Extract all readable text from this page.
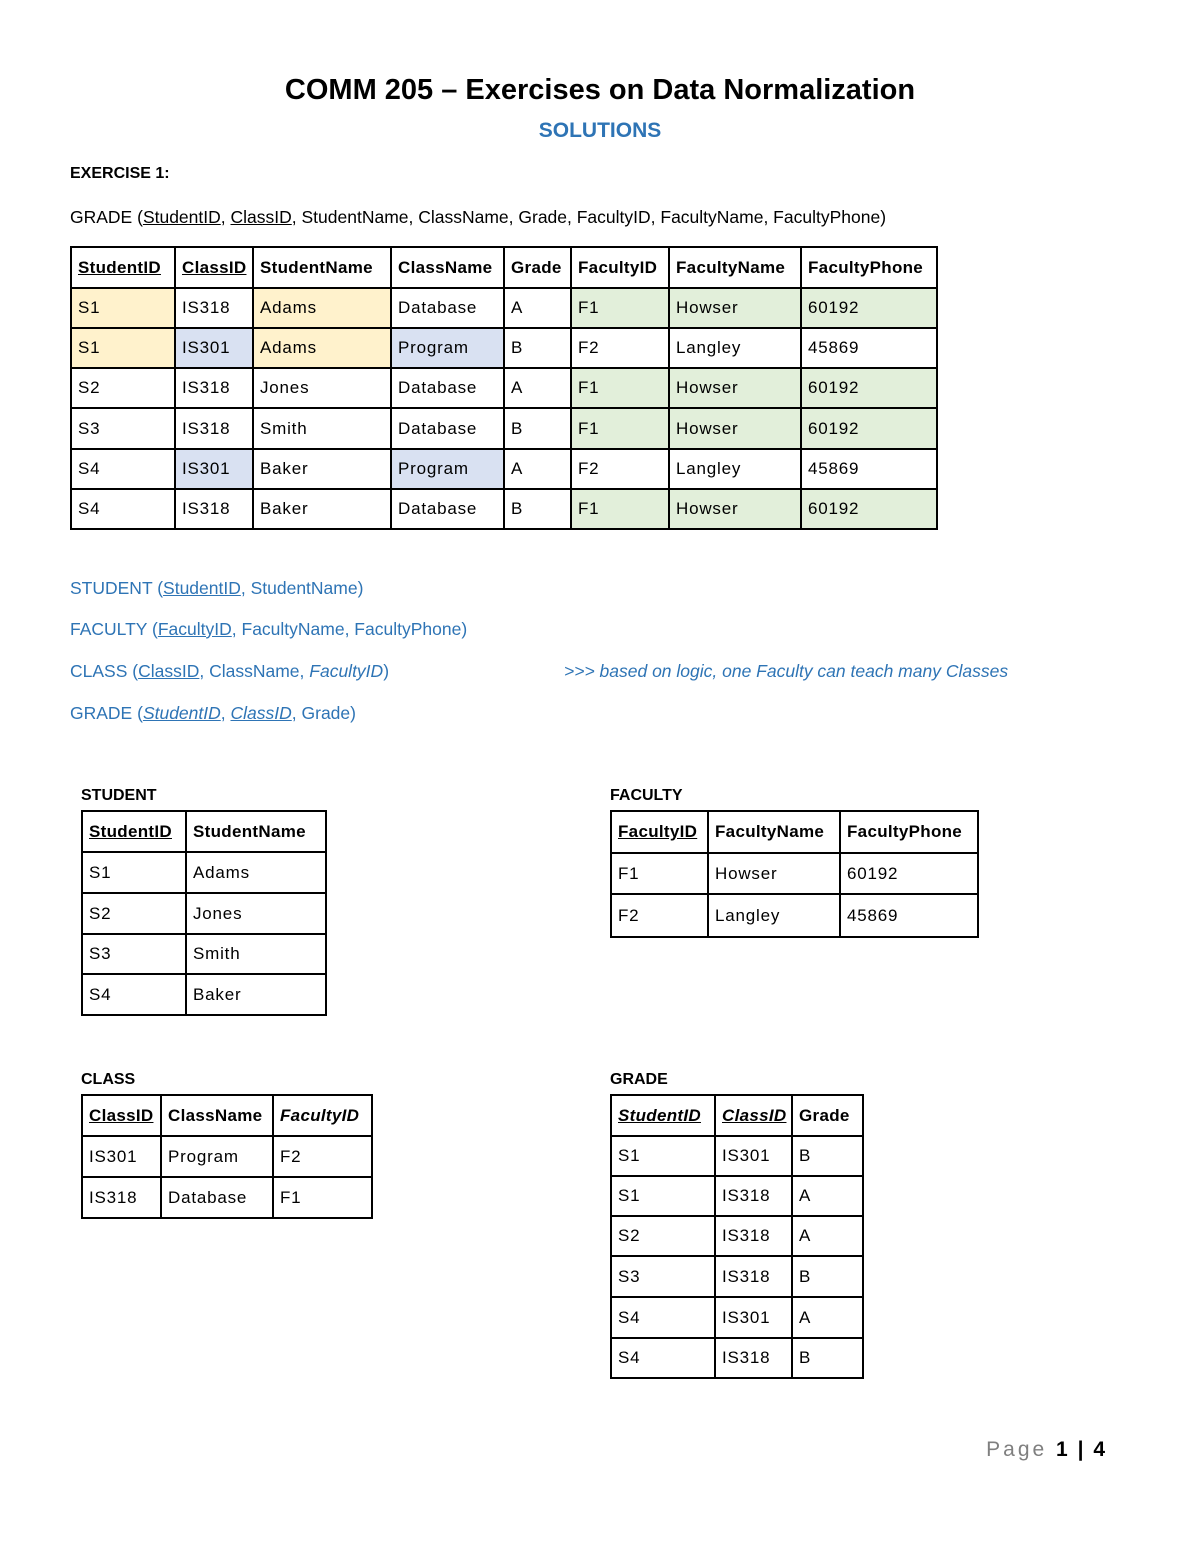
COMM 205 – Exercises on Data Normalization
SOLUTIONS
EXERCISE 1:
GRADE (StudentID, ClassID, StudentName, ClassName, Grade, FacultyID, FacultyName, FacultyPhone)
StudentID	ClassID	StudentName	ClassName	Grade	FacultyID	FacultyName	FacultyPhone
S1	IS318	Adams	Database	A	F1	Howser	60192
S1	IS301	Adams	Program	B	F2	Langley	45869
S2	IS318	Jones	Database	A	F1	Howser	60192
S3	IS318	Smith	Database	B	F1	Howser	60192
S4	IS301	Baker	Program	A	F2	Langley	45869
S4	IS318	Baker	Database	B	F1	Howser	60192
STUDENT (StudentID, StudentName)
FACULTY (FacultyID, FacultyName, FacultyPhone)
CLASS (ClassID, ClassName, FacultyID)	>>> based on logic, one Faculty can teach many Classes
GRADE (StudentID, ClassID, Grade)
STUDENT
StudentID	StudentName
S1	Adams
S2	Jones
S3	Smith
S4	Baker
FACULTY
FacultyID	FacultyName	FacultyPhone
F1	Howser	60192
F2	Langley	45869
CLASS
ClassID	ClassName	FacultyID
IS301	Program	F2
IS318	Database	F1
GRADE
StudentID	ClassID	Grade
S1	IS301	B
S1	IS318	A
S2	IS318	A
S3	IS318	B
S4	IS301	A
S4	IS318	B
Page 1 | 4
